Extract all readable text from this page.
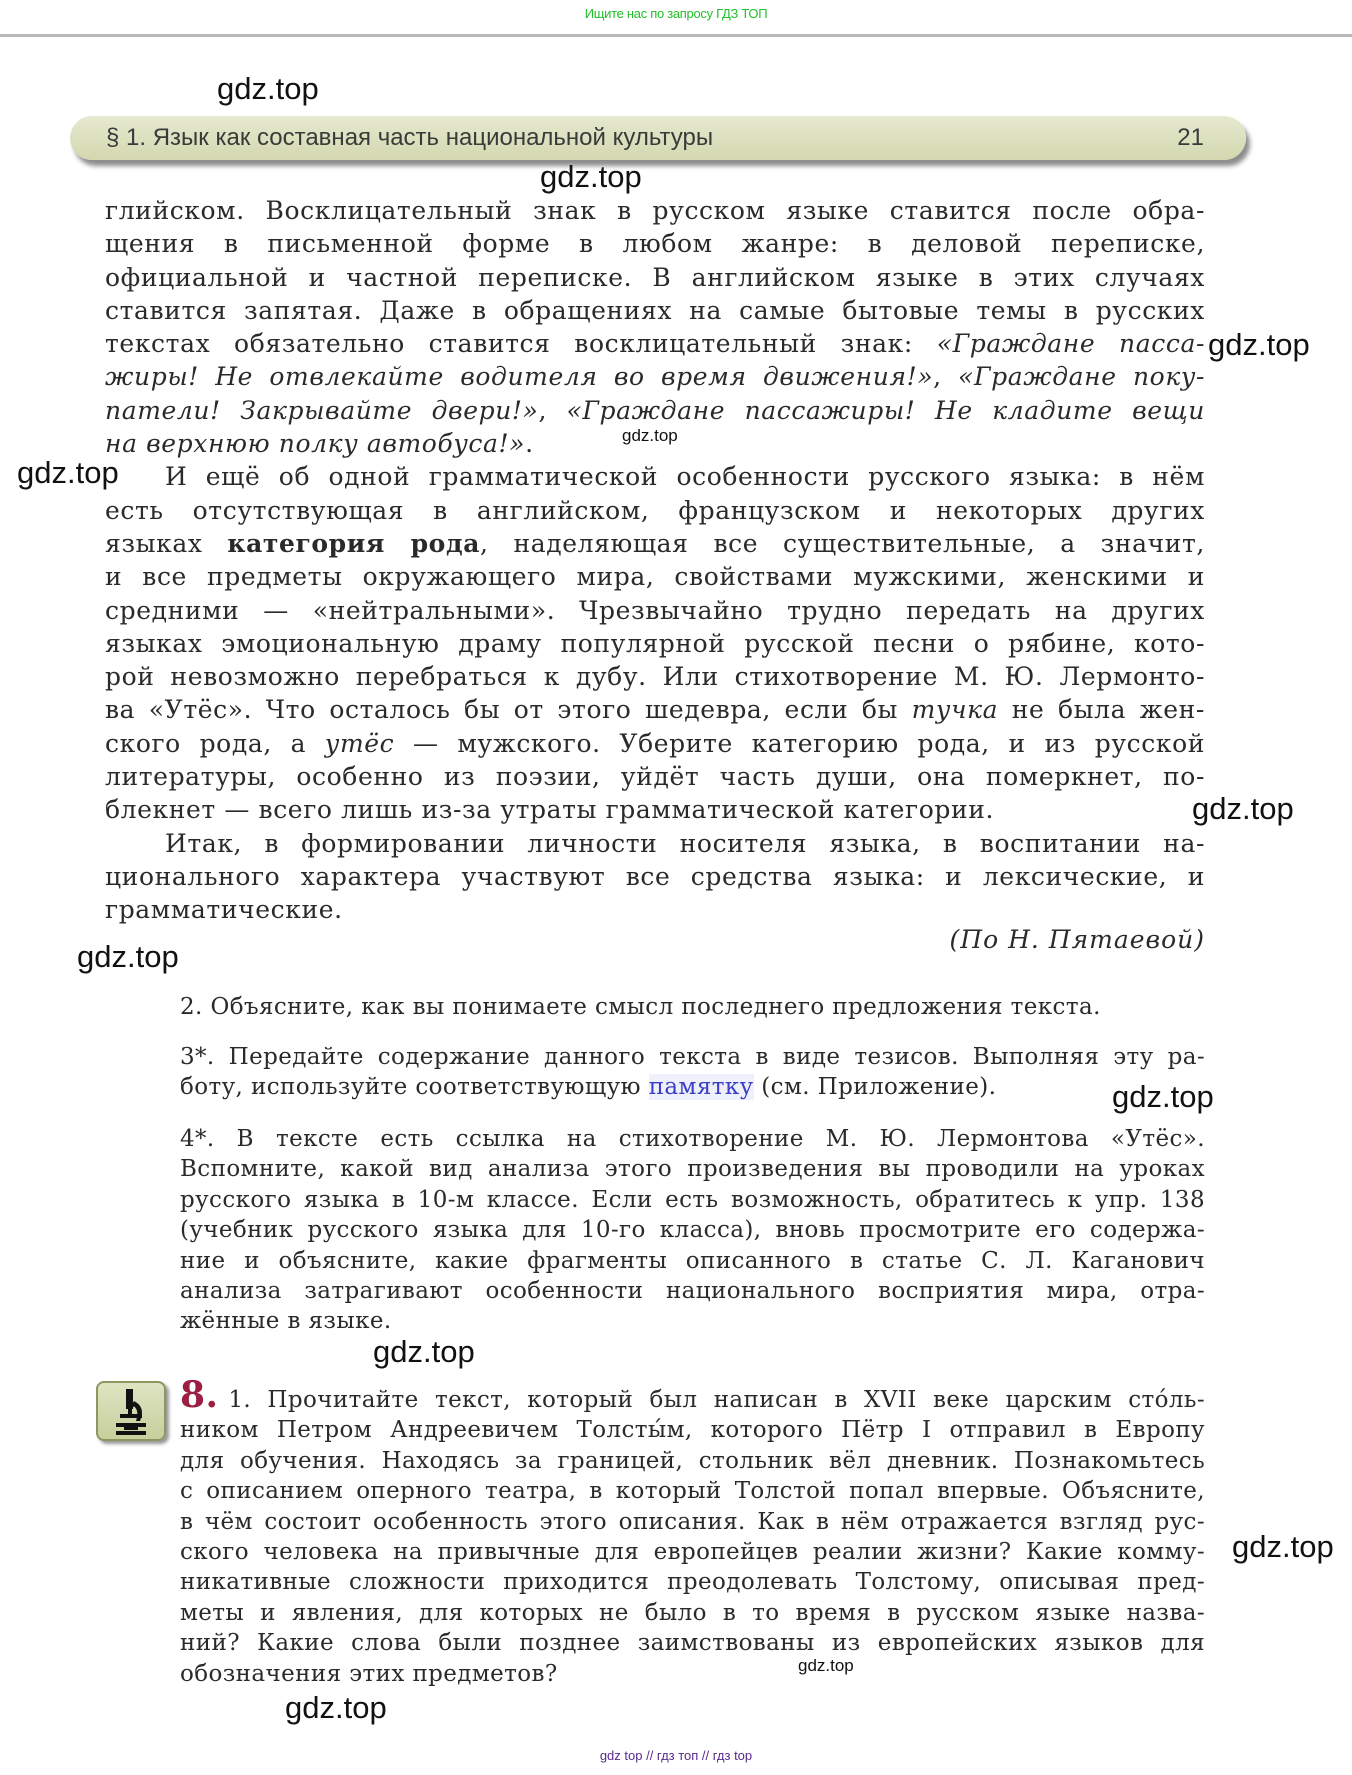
Ищите нас по запросу ГДЗ ТОП
§ 1. Язык как составная часть национальной культуры	21
глийском. Восклицательный знак в русском языке ставится после обра-
щения в письменной форме в любом жанре: в деловой переписке,
официальной и частной переписке. В английском языке в этих случаях
ставится запятая. Даже в обращениях на самые бытовые темы в русских
текстах обязательно ставится восклицательный знак: «Граждане пасса-
жиры! Не отвлекайте водителя во время движения!», «Граждане поку-
патели! Закрывайте двери!», «Граждане пассажиры! Не кладите вещи
на верхнюю полку автобуса!».
И ещё об одной грамматической особенности русского языка: в нём
есть отсутствующая в английском, французском и некоторых других
языках категория рода, наделяющая все существительные, а значит,
и все предметы окружающего мира, свойствами мужскими, женскими и
средними — «нейтральными». Чрезвычайно трудно передать на других
языках эмоциональную драму популярной русской песни о рябине, кото-
рой невозможно перебраться к дубу. Или стихотворение М. Ю. Лермонто-
ва «Утёс». Что осталось бы от этого шедевра, если бы тучка не была жен-
ского рода, а утёс — мужского. Уберите категорию рода, и из русской
литературы, особенно из поэзии, уйдёт часть души, она померкнет, по-
блекнет — всего лишь из-за утраты грамматической категории.
Итак, в формировании личности носителя языка, в воспитании на-
ционального характера участвуют все средства языка: и лексические, и
грамматические.
(По Н. Пятаевой)
2. Объясните, как вы понимаете смысл последнего предложения текста.
3*. Передайте содержание данного текста в виде тезисов. Выполняя эту ра-
боту, используйте соответствующую памятку (см. Приложение).
4*. В тексте есть ссылка на стихотворение М. Ю. Лермонтова «Утёс».
Вспомните, какой вид анализа этого произведения вы проводили на уроках
русского языка в 10-м классе. Если есть возможность, обратитесь к упр. 138
(учебник русского языка для 10-го класса), вновь просмотрите его содержа-
ние и объясните, какие фрагменты описанного в статье С. Л. Каганович
анализа затрагивают особенности национального восприятия мира, отра-
жённые в языке.
8. 1. Прочитайте текст, который был написан в XVII веке царским сто́ль-
ником Петром Андреевичем Толсты́м, которого Пётр I отправил в Европу
для обучения. Находясь за границей, стольник вёл дневник. Познакомьтесь
с описанием оперного театра, в который Толстой попал впервые. Объясните,
в чём состоит особенность этого описания. Как в нём отражается взгляд рус-
ского человека на привычные для европейцев реалии жизни? Какие комму-
никативные сложности приходится преодолевать Толстому, описывая пред-
меты и явления, для которых не было в то время в русском языке назва-
ний? Какие слова были позднее заимствованы из европейских языков для
обозначения этих предметов?
gdz.top
gdz.top
gdz.top
gdz.top
gdz.top
gdz.top
gdz.top
gdz.top
gdz.top
gdz.top
gdz.top
gdz.top
gdz top // гдз топ // гдз top
